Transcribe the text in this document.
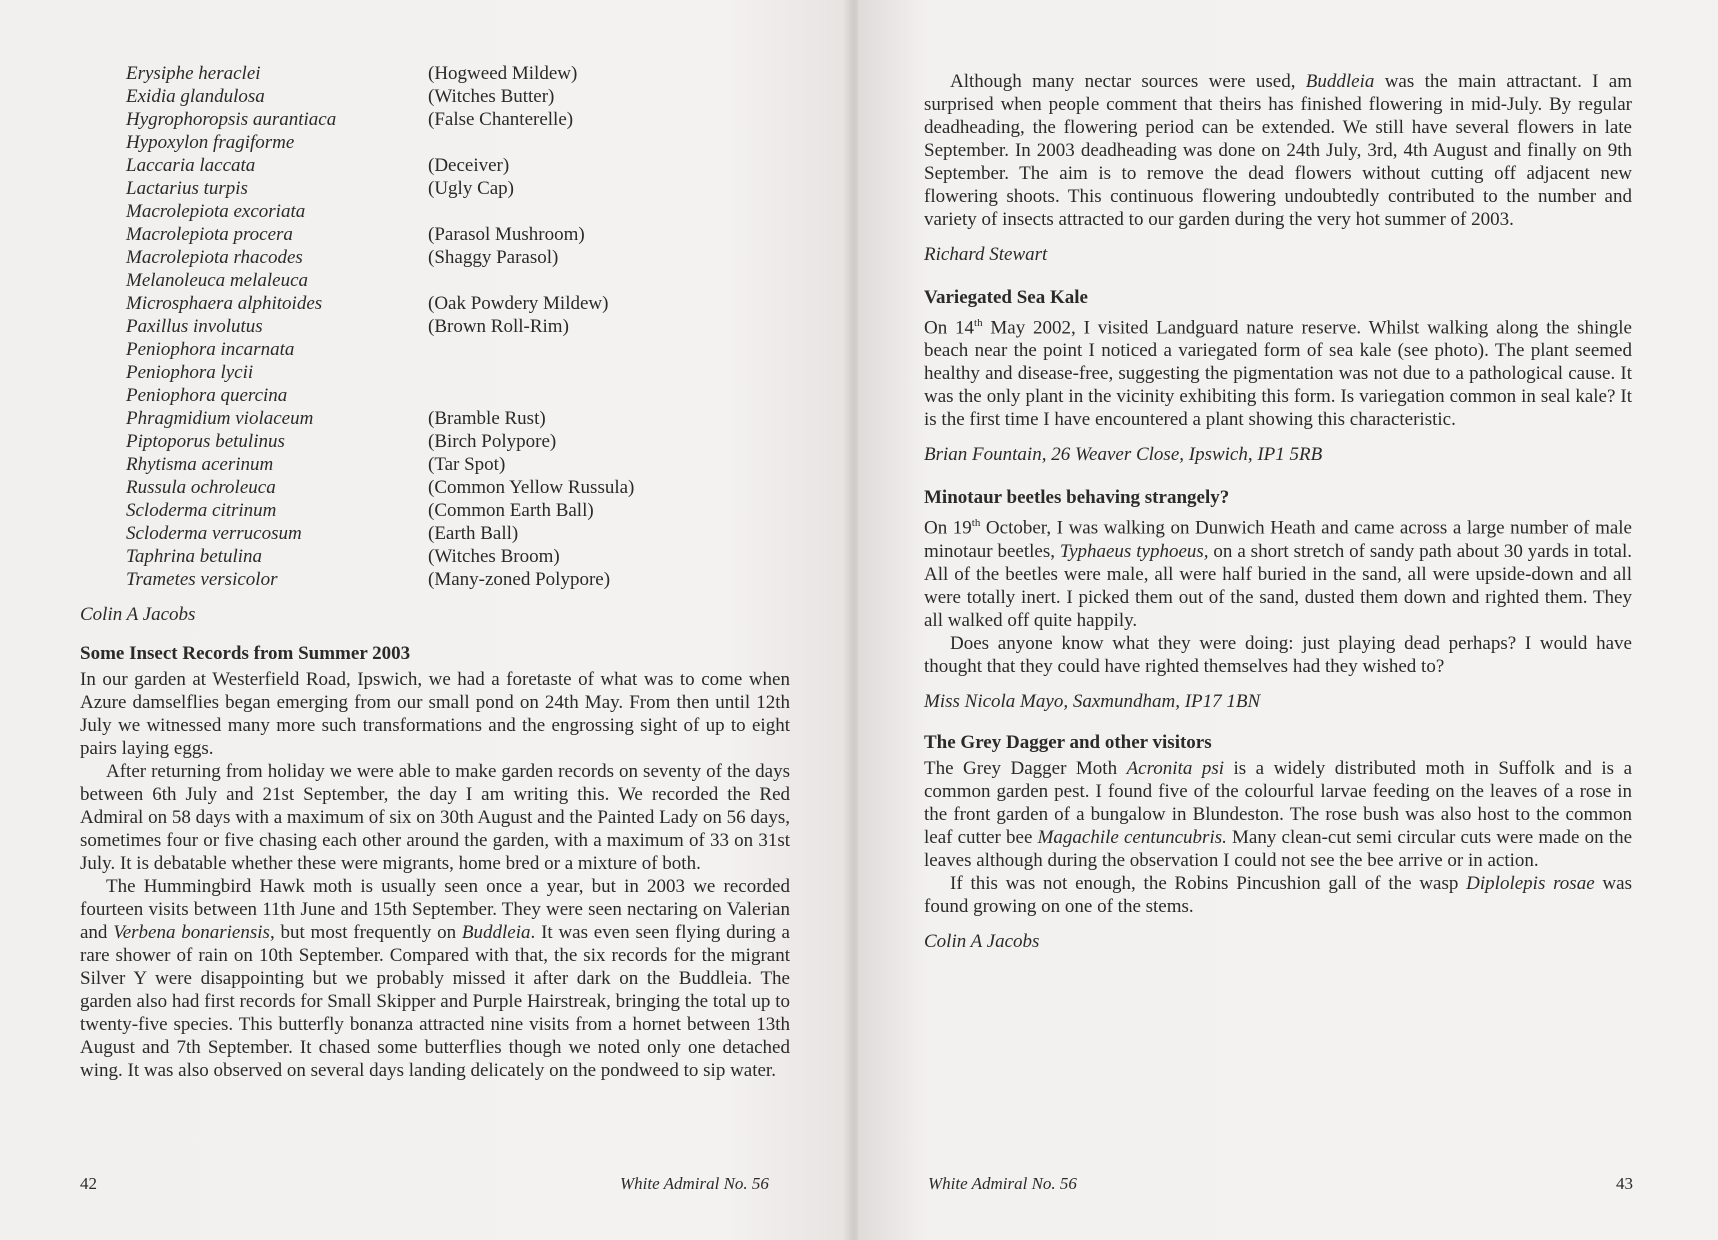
Erysiphe heraclei	(Hogweed Mildew)
Exidia glandulosa	(Witches Butter)
Hygrophoropsis aurantiaca	(False Chanterelle)
Hypoxylon fragiforme
Laccaria laccata	(Deceiver)
Lactarius turpis	(Ugly Cap)
Macrolepiota excoriata
Macrolepiota procera	(Parasol Mushroom)
Macrolepiota rhacodes	(Shaggy Parasol)
Melanoleuca melaleuca
Microsphaera alphitoides	(Oak Powdery Mildew)
Paxillus involutus	(Brown Roll-Rim)
Peniophora incarnata
Peniophora lycii
Peniophora quercina
Phragmidium violaceum	(Bramble Rust)
Piptoporus betulinus	(Birch Polypore)
Rhytisma acerinum	(Tar Spot)
Russula ochroleuca	(Common Yellow Russula)
Scloderma citrinum	(Common Earth Ball)
Scloderma verrucosum	(Earth Ball)
Taphrina betulina	(Witches Broom)
Trametes versicolor	(Many-zoned Polypore)

Colin A Jacobs

Some Insect Records from Summer 2003

In our garden at Westerfield Road, Ipswich, we had a foretaste of what was to come when Azure damselflies began emerging from our small pond on 24th May. From then until 12th July we witnessed many more such transformations and the engrossing sight of up to eight pairs laying eggs.

After returning from holiday we were able to make garden records on seventy of the days between 6th July and 21st September, the day I am writing this. We recorded the Red Admiral on 58 days with a maximum of six on 30th August and the Painted Lady on 56 days, sometimes four or five chasing each other around the garden, with a maximum of 33 on 31st July. It is debatable whether these were migrants, home bred or a mixture of both.

The Hummingbird Hawk moth is usually seen once a year, but in 2003 we recorded fourteen visits between 11th June and 15th September. They were seen nectaring on Valerian and Verbena bonariensis, but most frequently on Buddleia. It was even seen flying during a rare shower of rain on 10th September. Compared with that, the six records for the migrant Silver Y were disappointing but we probably missed it after dark on the Buddleia. The garden also had first records for Small Skipper and Purple Hairstreak, bringing the total up to twenty-five species. This butterfly bonanza attracted nine visits from a hornet between 13th August and 7th September. It chased some butterflies though we noted only one detached wing. It was also observed on several days landing delicately on the pondweed to sip water.

42	White Admiral No. 56

Although many nectar sources were used, Buddleia was the main attractant. I am surprised when people comment that theirs has finished flowering in mid-July. By regular deadheading, the flowering period can be extended. We still have several flowers in late September. In 2003 deadheading was done on 24th July, 3rd, 4th August and finally on 9th September. The aim is to remove the dead flowers without cutting off adjacent new flowering shoots. This continuous flowering undoubtedly contributed to the number and variety of insects attracted to our garden during the very hot summer of 2003.

Richard Stewart

Variegated Sea Kale

On 14th May 2002, I visited Landguard nature reserve. Whilst walking along the shingle beach near the point I noticed a variegated form of sea kale (see photo). The plant seemed healthy and disease-free, suggesting the pigmentation was not due to a pathological cause. It was the only plant in the vicinity exhibiting this form. Is variegation common in seal kale? It is the first time I have encountered a plant showing this characteristic.

Brian Fountain, 26 Weaver Close, Ipswich, IP1 5RB

Minotaur beetles behaving strangely?

On 19th October, I was walking on Dunwich Heath and came across a large number of male minotaur beetles, Typhaeus typhoeus, on a short stretch of sandy path about 30 yards in total. All of the beetles were male, all were half buried in the sand, all were upside-down and all were totally inert. I picked them out of the sand, dusted them down and righted them. They all walked off quite happily.

Does anyone know what they were doing: just playing dead perhaps? I would have thought that they could have righted themselves had they wished to?

Miss Nicola Mayo, Saxmundham, IP17 1BN

The Grey Dagger and other visitors

The Grey Dagger Moth Acronita psi is a widely distributed moth in Suffolk and is a common garden pest. I found five of the colourful larvae feeding on the leaves of a rose in the front garden of a bungalow in Blundeston. The rose bush was also host to the common leaf cutter bee Magachile centuncubris. Many clean-cut semi circular cuts were made on the leaves although during the observation I could not see the bee arrive or in action.

If this was not enough, the Robins Pincushion gall of the wasp Diplolepis rosae was found growing on one of the stems.

Colin A Jacobs

White Admiral No. 56	43
